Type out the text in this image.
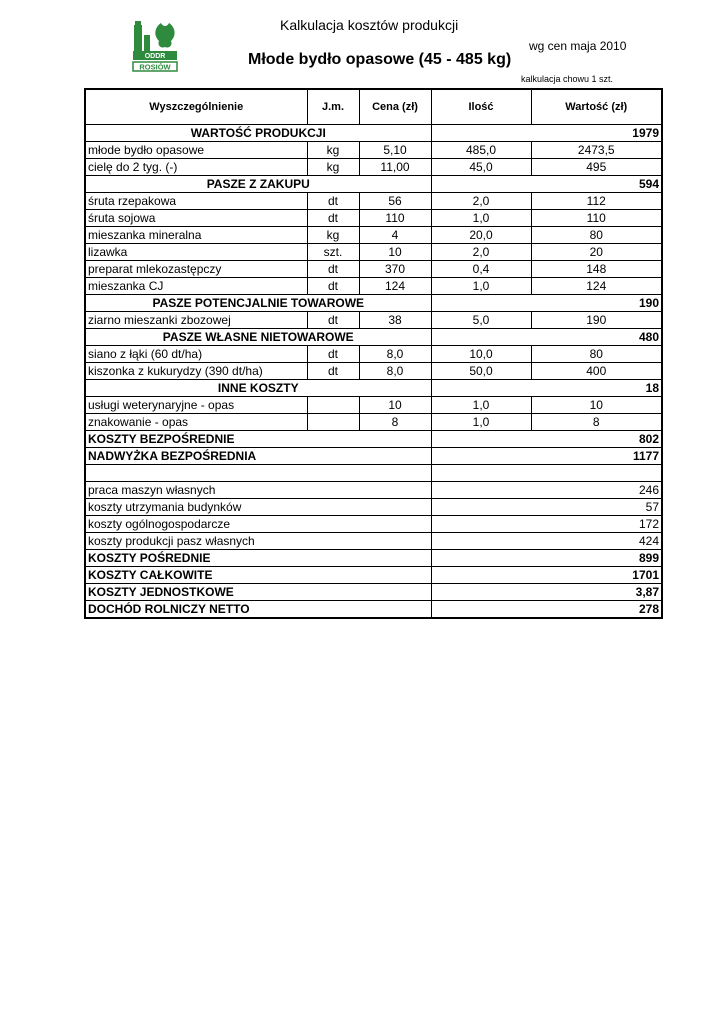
ODDR
ROSIÓW
Kalkulacja kosztów produkcji
wg cen maja 2010
Młode bydło opasowe (45 - 485 kg)
kalkulacja chowu 1 szt.
Wyszczególnienie	J.m.	Cena (zł)	Ilość	Wartość (zł)
WARTOŚĆ PRODUKCJI			1979	
młode bydło opasowe	kg	5,10	485,0	2473,5
cielę do 2 tyg. (-)	kg	11,00	45,0	495
PASZE Z ZAKUPU			594	
śruta rzepakowa	dt	56	2,0	112
śruta sojowa	dt	110	1,0	110
mieszanka mineralna	kg	4	20,0	80
lizawka	szt.	10	2,0	20
preparat mlekozastępczy	dt	370	0,4	148
mieszanka CJ	dt	124	1,0	124
PASZE POTENCJALNIE TOWAROWE			190	
ziarno mieszanki zbozowej	dt	38	5,0	190
PASZE WŁASNE NIETOWAROWE			480	
siano z łąki (60 dt/ha)	dt	8,0	10,0	80
kiszonka z kukurydzy (390 dt/ha)	dt	8,0	50,0	400
INNE KOSZTY			18	
usługi weterynaryjne - opas		10	1,0	10
znakowanie - opas		8	1,0	8
KOSZTY BEZPOŚREDNIE			802	
NADWYŻKA BEZPOŚREDNIA			1177	

praca maszyn własnych			246	
koszty utrzymania budynków			57	
koszty ogólnogospodarcze			172	
koszty produkcji pasz własnych			424	
KOSZTY POŚREDNIE			899	
KOSZTY CAŁKOWITE			1701	
KOSZTY JEDNOSTKOWE			3,87	
DOCHÓD ROLNICZY NETTO			278	
